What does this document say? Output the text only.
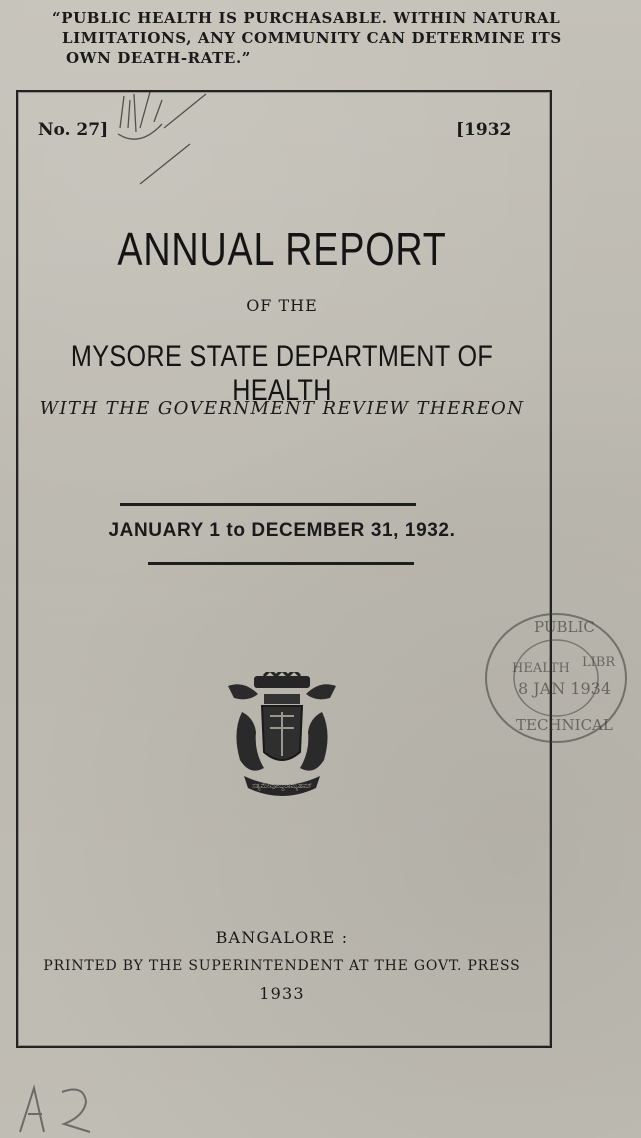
“PUBLIC HEALTH IS PURCHASABLE. WITHIN NATURAL
LIMITATIONS, ANY COMMUNITY CAN DETERMINE ITS
OWN DEATH-RATE.”
No. 27]	[1932
ANNUAL REPORT
OF THE
MYSORE STATE DEPARTMENT OF HEALTH
WITH THE GOVERNMENT REVIEW THEREON
JANUARY 1 to DECEMBER 31, 1932.
PUBLIC
LIBR
HEALTH
8 JAN 1934
TECHNICAL
ಸತ್ಯಮೇವೋದ್ಧರಾಮ್ಯಹಮ್
BANGALORE :
PRINTED BY THE SUPERINTENDENT AT THE GOVT. PRESS
1933
